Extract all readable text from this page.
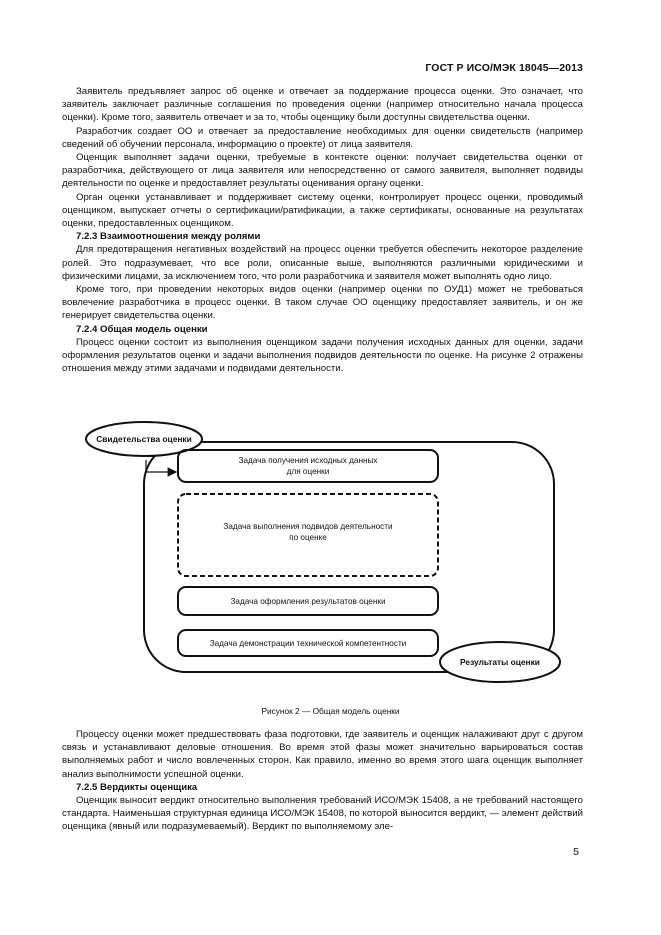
ГОСТ Р ИСО/МЭК 18045—2013

Заявитель предъявляет запрос об оценке и отвечает за поддержание процесса оценки. Это означает, что заявитель заключает различные соглашения по проведения оценки (например относительно начала процесса оценки). Кроме того, заявитель отвечает и за то, чтобы оценщику были доступны свидетельства оценки.

Разработчик создает ОО и отвечает за предоставление необходимых для оценки свидетельств (например сведений об обучении персонала, информацию о проекте) от лица заявителя.

Оценщик выполняет задачи оценки, требуемые в контексте оценки: получает свидетельства оценки от разработчика, действующего от лица заявителя или непосредственно от самого заявителя, выполняет подвиды деятельности по оценке и предоставляет результаты оценивания органу оценки.

Орган оценки устанавливает и поддерживает систему оценки, контролирует процесс оценки, проводимый оценщиком, выпускает отчеты о сертификации/ратификации, а также сертификаты, основанные на результатах оценки, предоставленных оценщиком.

7.2.3 Взаимоотношения между ролями

Для предотвращения негативных воздействий на процесс оценки требуется обеспечить некоторое разделение ролей. Это подразумевает, что все роли, описанные выше, выполняются различными юридическими и физическими лицами, за исключением того, что роли разработчика и заявителя может выполнять одно лицо.

Кроме того, при проведении некоторых видов оценки (например оценки по ОУД1) может не требоваться вовлечение разработчика в процесс оценки. В таком случае ОО оценщику предоставляет заявитель, и он же генерирует свидетельства оценки.

7.2.4 Общая модель оценки

Процесс оценки состоит из выполнения оценщиком задачи получения исходных данных для оценки, задачи оформления результатов оценки и задачи выполнения подвидов деятельности по оценке. На рисунке 2 отражены отношения между этими задачами и подвидами деятельности.

Свидетельства оценки
Задача получения исходных данных
для оценки
Задача выполнения подвидов деятельности
по оценке
Задача оформления результатов оценки
Задача демонстрации технической компетентности
Результаты оценки
Рисунок 2 — Общая модель оценки

Процессу оценки может предшествовать фаза подготовки, где заявитель и оценщик налаживают друг с другом связь и устанавливают деловые отношения. Во время этой фазы может значительно варьироваться состав выполняемых работ и число вовлеченных сторон. Как правило, именно во время этого шага оценщик выполняет анализ выполнимости успешной оценки.

7.2.5 Вердикты оценщика

Оценщик выносит вердикт относительно выполнения требований ИСО/МЭК 15408, а не требований настоящего стандарта. Наименьшая структурная единица ИСО/МЭК 15408, по которой выносится вердикт, — элемент действий оценщика (явный или подразумеваемый). Вердикт по выполняемому эле-

5
